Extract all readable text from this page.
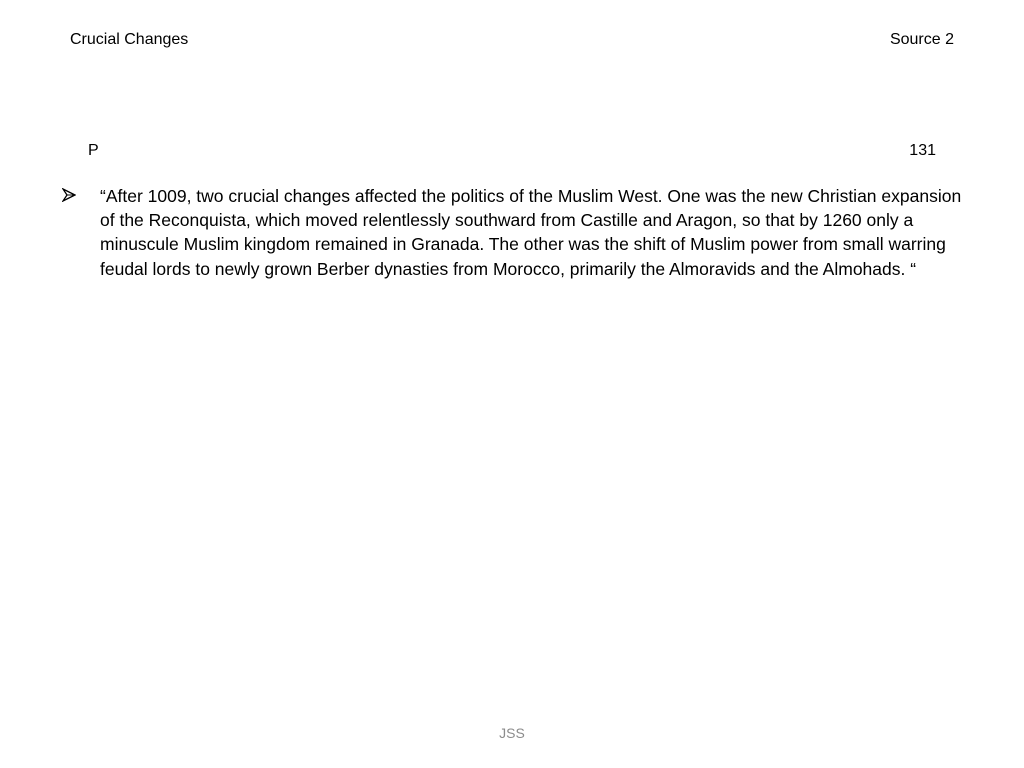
Crucial Changes	Source 2
P	131
“After 1009, two crucial changes affected the politics of the Muslim West. One was the new Christian expansion of the Reconquista, which moved relentlessly southward from Castille and Aragon, so that by 1260 only a minuscule Muslim kingdom remained in Granada. The other was the shift of Muslim power from small warring feudal lords to newly grown Berber dynasties from Morocco, primarily the Almoravids and the Almohads. “
JSS
